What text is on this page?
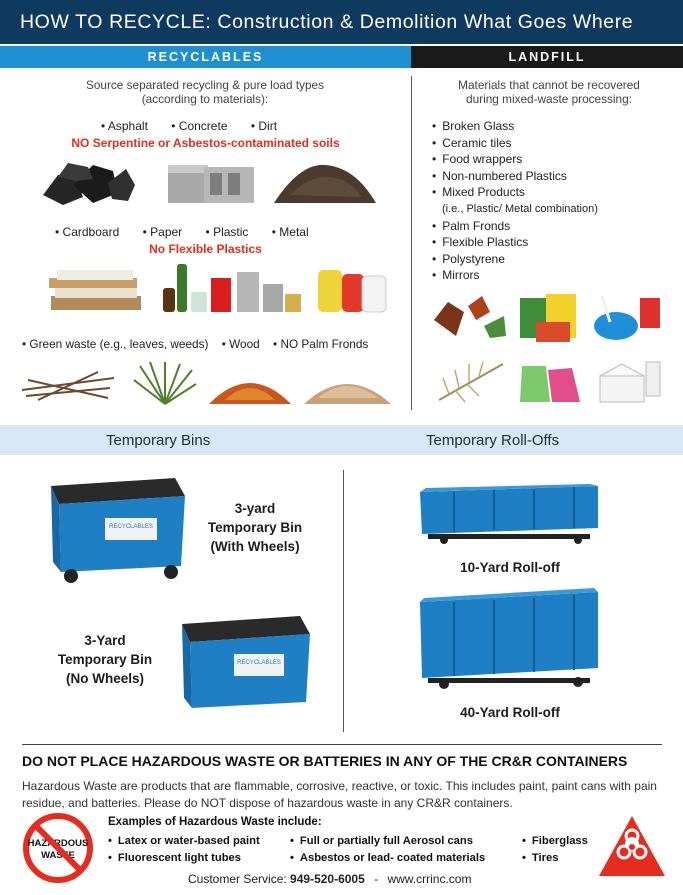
HOW TO RECYCLE: Construction & Demolition What Goes Where
RECYCLABLES	LANDFILL
Source separated recycling & pure load types
(according to materials):
• Asphalt • Concrete • Dirt
NO Serpentine or Asbestos-contaminated soils
• Cardboard • Paper • Plastic • Metal
No Flexible Plastics
• Green waste (e.g., leaves, weeds) • Wood • NO Palm Fronds
Materials that cannot be recovered
during mixed-waste processing:
• Broken Glass
• Ceramic tiles
• Food wrappers
• Non-numbered Plastics
• Mixed Products
(i.e., Plastic/ Metal combination)
• Palm Fronds
• Flexible Plastics
• Polystyrene
• Mirrors
Temporary Bins	Temporary Roll-Offs
RECYCLABLES
3-yard
Temporary Bin
(With Wheels)
3-Yard
Temporary Bin
(No Wheels)
RECYCLABLES
10-Yard Roll-off
40-Yard Roll-off
DO NOT PLACE HAZARDOUS WASTE OR BATTERIES IN ANY OF THE CR&R CONTAINERS
Hazardous Waste are products that are flammable, corrosive, reactive, or toxic. This includes paint, paint cans with pain residue, and batteries. Please do NOT dispose of hazardous waste in any CR&R containers.
HAZARDOUS
WASTE
Examples of Hazardous Waste include:
• Latex or water-based paint
• Fluorescent light tubes
• Full or partially full Aerosol cans
• Asbestos or lead- coated materials
• Fiberglass
• Tires
Customer Service: 949-520-6005 - www.crrinc.com
